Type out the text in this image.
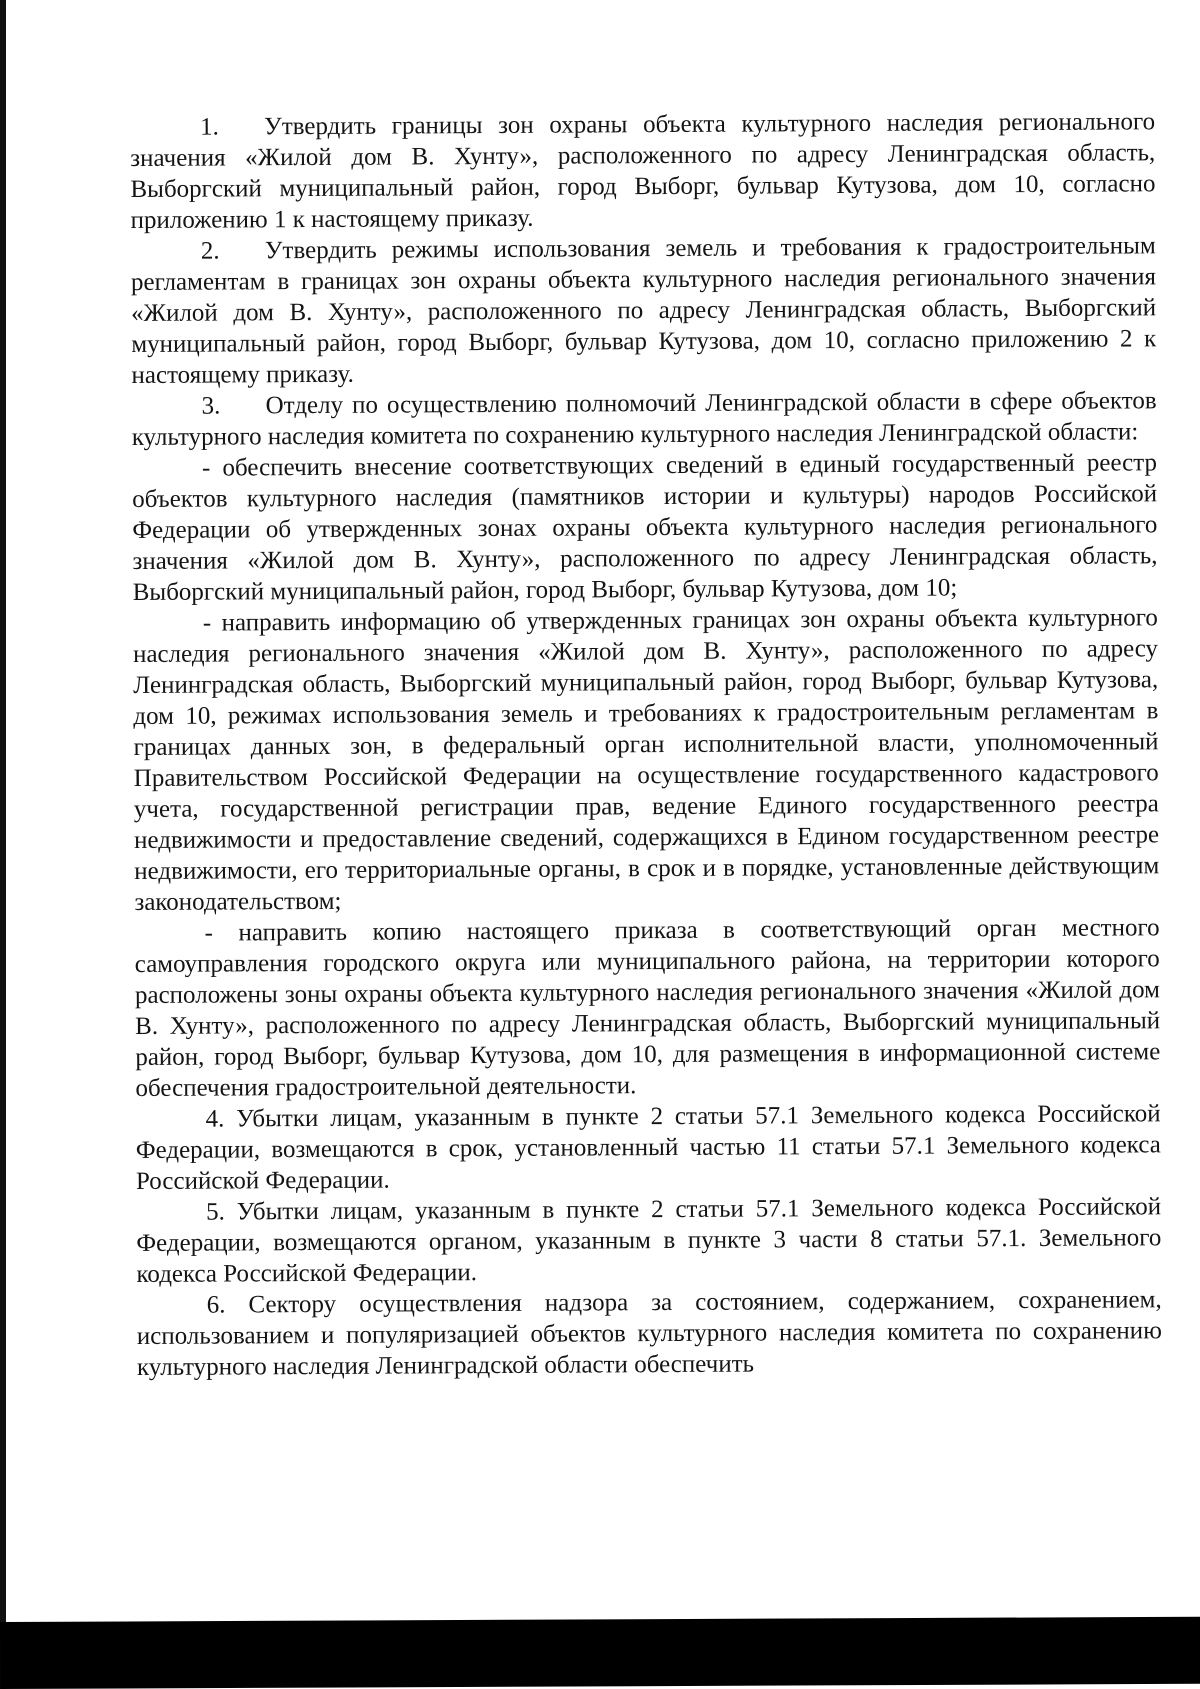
1. Утвердить границы зон охраны объекта культурного наследия регионального значения «Жилой дом В. Хунту», расположенного по адресу Ленинградская область, Выборгский муниципальный район, город Выборг, бульвар Кутузова, дом 10, согласно приложению 1 к настоящему приказу.

2. Утвердить режимы использования земель и требования к градостроительным регламентам в границах зон охраны объекта культурного наследия регионального значения «Жилой дом В. Хунту», расположенного по адресу Ленинградская область, Выборгский муниципальный район, город Выборг, бульвар Кутузова, дом 10, согласно приложению 2 к настоящему приказу.

3. Отделу по осуществлению полномочий Ленинградской области в сфере объектов культурного наследия комитета по сохранению культурного наследия Ленинградской области:

- обеспечить внесение соответствующих сведений в единый государственный реестр объектов культурного наследия (памятников истории и культуры) народов Российской Федерации об утвержденных зонах охраны объекта культурного наследия регионального значения «Жилой дом В. Хунту», расположенного по адресу Ленинградская область, Выборгский муниципальный район, город Выборг, бульвар Кутузова, дом 10;

- направить информацию об утвержденных границах зон охраны объекта культурного наследия регионального значения «Жилой дом В. Хунту», расположенного по адресу Ленинградская область, Выборгский муниципальный район, город Выборг, бульвар Кутузова, дом 10, режимах использования земель и требованиях к градостроительным регламентам в границах данных зон, в федеральный орган исполнительной власти, уполномоченный Правительством Российской Федерации на осуществление государственного кадастрового учета, государственной регистрации прав, ведение Единого государственного реестра недвижимости и предоставление сведений, содержащихся в Едином государственном реестре недвижимости, его территориальные органы, в срок и в порядке, установленные действующим законодательством;

- направить копию настоящего приказа в соответствующий орган местного самоуправления городского округа или муниципального района, на территории которого расположены зоны охраны объекта культурного наследия регионального значения «Жилой дом В. Хунту», расположенного по адресу Ленинградская область, Выборгский муниципальный район, город Выборг, бульвар Кутузова, дом 10, для размещения в информационной системе обеспечения градостроительной деятельности.

4. Убытки лицам, указанным в пункте 2 статьи 57.1 Земельного кодекса Российской Федерации, возмещаются в срок, установленный частью 11 статьи 57.1 Земельного кодекса Российской Федерации.

5. Убытки лицам, указанным в пункте 2 статьи 57.1 Земельного кодекса Российской Федерации, возмещаются органом, указанным в пункте 3 части 8 статьи 57.1. Земельного кодекса Российской Федерации.

6. Сектору осуществления надзора за состоянием, содержанием, сохранением, использованием и популяризацией объектов культурного наследия комитета по сохранению культурного наследия Ленинградской области обеспечить
